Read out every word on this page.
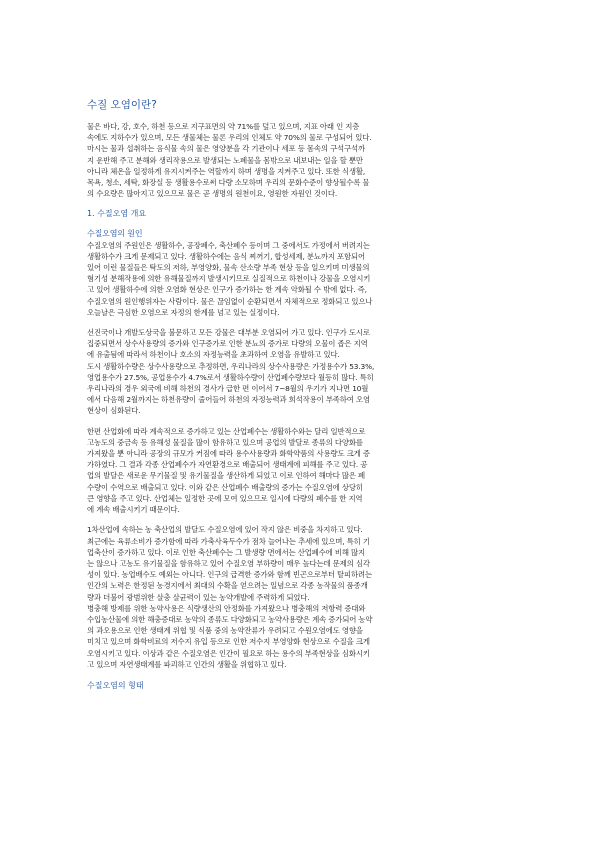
수질 오염이란?
물은 바다, 강, 호수, 하천 등으로 지구표면의 약 71%를 덮고 있으며, 지표 아래 인 지층
속에도 지하수가 있으며, 모든 생물체는 물론 우리의 인체도 약 70%의 물로 구성되어 있다.
마시는 물과 섭취하는 음식물 속의 물은 영양분을 각 기관이나 세포 등 몸속의 구석구석까
지 운반해 주고 분해와 생리작용으로 발생되는 노폐물을 몸밖으로 내보내는 일을 할 뿐만
아니라 체온을 일정하게 유지시켜주는 역할까지 하며 생명을 지켜주고 있다. 또한 식생활,
목욕, 청소, 세탁, 화장실 등 생활용수로써 다량 소모하며 우리의 문화수준이 향상될수록 물
의 수요량은 많아지고 있으므로 물은 곧 생명의 원천이요, 영원한 자원인 것이다.
1. 수질오염 개요
수질오염의 원인
수질오염의 주원인은 생활하수, 공장폐수, 축산폐수 등이며 그 중에서도 가정에서 버려지는
생활하수가 크게 문제되고 있다. 생활하수에는 음식 찌꺼기, 합성세제, 분뇨까지 포함되어
있어 이런 물질들은 탁도의 저하, 부영양화, 물속 산소량 부족 현상 등을 일으키며 미생물의
혐기성 분해작용에 의한 유해물질까지 발생시키므로 실질적으로 하천이나 강물을 오염시키
고 있어 생활하수에 의한 오염화 현상은 인구가 증가하는 한 계속 악화될 수 밖에 없다. 즉,
수질오염의 원인행위자는 사람이다. 물은 끊임없이 순환되면서 자체적으로 정화되고 있으나
오늘날은 극심한 오염으로 자정의 한계를 넘고 있는 실정이다.
선진국이나 개발도상국을 불문하고 모든 강물은 대부분 오염되어 가고 있다. 인구가 도시로
집중되면서 상수사용량의 증가와 인구증가로 인한 분뇨의 증가로 다량의 오물이 좁은 지역
에 유출됨에 따라서 하천이나 호소의 자정능력을 초과하여 오염을 유발하고 있다.
도시 생활하수량은 상수사용량으로 추정하면, 우리나라의 상수사용량은 가정용수가 53.3%,
영업용수가 27.5%, 공업용수가 4.7%로서 생활하수량이 산업폐수량보다 월등히 많다. 특히
우리나라의 경우 외국에 비해 하천의 경사가 급한 편 이어서 7~8월의 우기가 지나면 10월
에서 다음해 2월까지는 하천유량이 줄어들어 하천의 자정능력과 희석작용이 부족하여 오염
현상이 심화된다.
한편 산업화에 따라 계속적으로 증가하고 있는 산업폐수는 생활하수와는 달리 일반적으로
고농도의 중금속 등 유해성 물질을 많이 함유하고 있으며 공업의 발달로 종류의 다양화를
가져왔을 뿐 아니라 공장의 규모가 커짐에 따라 용수사용량과 화학약품의 사용량도 크게 증
가하였다. 그 결과 각종 산업폐수가 자연환경으로 배출되어 생태계에 피해를 주고 있다. 공
업의 발달은 새로운 무기물질 및 유기물질을 생산하게 되었고 이로 인하여 해마다 많은 폐
수량이 수역으로 배출되고 있다. 이와 같은 산업폐수 배출량의 증가는 수질오염에 상당히
큰 영향을 주고 있다. 산업체는 일정한 곳에 모여 있으므로 일시에 다량의 폐수를 한 지역
에 계속 배출시키기 때문이다.
1차산업에 속하는 농 축산업의 발달도 수질오염에 있어 작지 않은 비중을 차지하고 있다.
최근에는 육류소비가 증가함에 따라 가축사육두수가 점차 늘어나는 추세에 있으며, 특히 기
업축산이 증가하고 있다. 이로 인한 축산폐수는 그 발생량 면에서는 산업폐수에 비해 많지
는 않으나 고농도 유기물질을 함유하고 있어 수질오염 부하량이 매우 높다는데 문제의 심각
성이 있다. 농업배수도 예외는 아니다. 인구의 급격한 증가와 함께 빈곤으로부터 탈피하려는
인간의 노력은 한정된 농경지에서 최대의 수확을 얻으려는 일념으로 각종 농작물의 품종개
량과 더불어 광범위한 살충 살균력이 있는 농약개발에 주력하게 되었다.
병충해 방제를 위한 농약사용은 식량생산의 안정화를 가져왔으나 병충해의 저항력 증대와
수입농산물에 의한 해충증대로 농약의 종류도 다양화되고 농약사용량은 계속 증가되어 농약
의 과오용으로 인한 생태계 위협 및 식품 중의 농약잔류가 우려되고 수원오염에도 영향을
미치고 있으며 화학비료의 저수지 유입 등으로 인한 저수지 부영양화 현상으로 수질을 크게
오염시키고 있다. 이상과 같은 수질오염은 인간이 필요로 하는 용수의 부족현상을 심화시키
고 있으며 자연생태계를 파괴하고 인간의 생활을 위협하고 있다.
수질오염의 형태
